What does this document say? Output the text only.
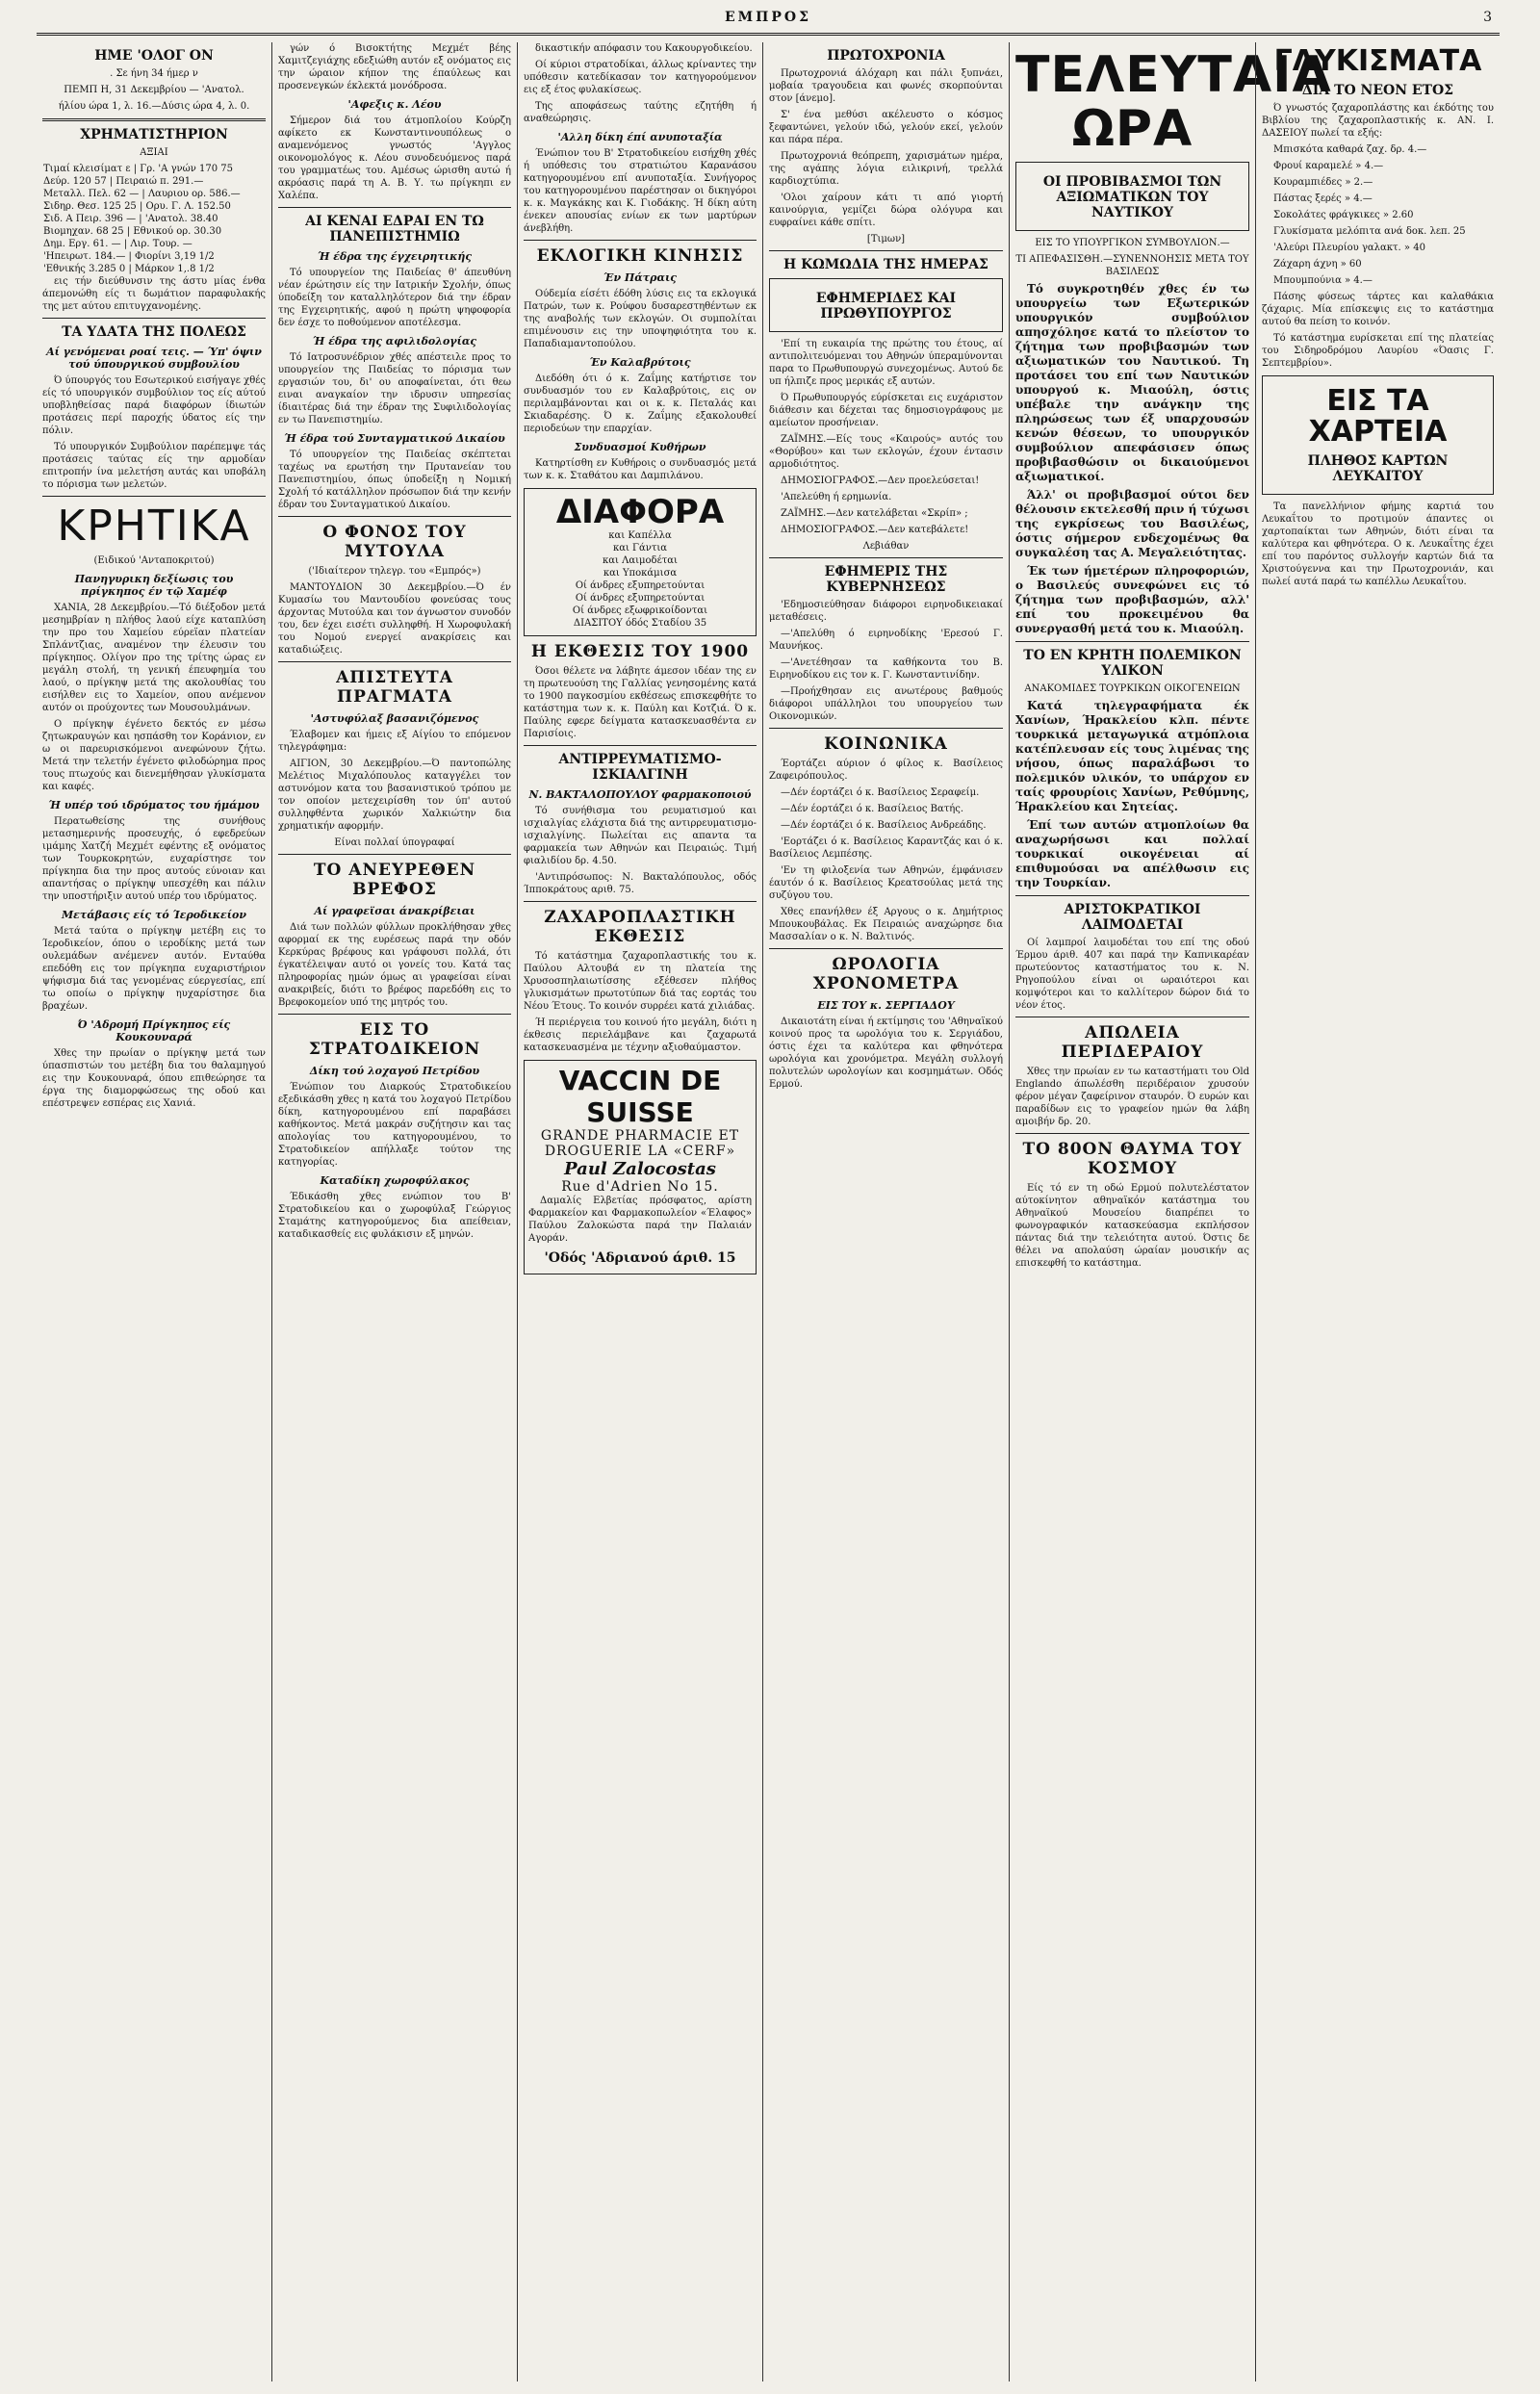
ΕΜΠΡΟΣ	3
ΗΜΕ 'ΟΛΟΓ ΟΝ

. Σε ήνη 34 ήμερ ν

ΠΕΜΠ Η, 31 Δεκεμβρίου — 'Ανατολ.

ήλίου ώρα 1, λ. 16.—Δύσις ώρα 4, λ. 0.

ΧΡΗΜΑΤΙΣΤΗΡΙΟΝ

ΑΞΙΑΙ

Τιμαί κλεισίματ ε | Γρ. 'Α γνών 170 75
Δεύρ. 120 57 | Πειραιώ π. 291.—
Μεταλλ. Πελ. 62 — | Λαυριου ορ. 586.—
Σιδηρ. Θεσ. 125 25 | Ορυ. Γ. Λ. 152.50
Σιδ. Α Πειρ. 396 — | 'Ανατολ. 38.40
Βιομηχαν. 68 25 | Εθνικού ορ. 30.30
Δημ. Εργ. 61. — | Λιρ. Τουρ. —
'Ηπειρωτ. 184.— | Φιορίνι 3,19 1/2
'Εθνικής 3.285 0 | Μάρκον 1,.8 1/2

εις τήν διεύθυνσιν της άστυ μίας ένθα άπεμονώθη είς τι δωμάτιον παραφυλακής της μετ αύτου επιτυγχανομένης.

ΤΑ ΥΔΑΤΑ ΤΗΣ ΠΟΛΕΩΣ
Αί γενόμεναι ροαί τεις. — Ύπ' όψιν τού ύπουργικού συμβουλίου

Ό ύπουργός του Εσωτερικού εισήγαγε χθές είς τό υπουργικόν συμβούλιον τος είς αύτού υποβληθείσας παρά διαφόρων ίδιωτών προτάσεις περί παροχής ύδατος είς την πόλιν.

Τό υπουργικόν Συμβούλιον παρέπεμψε τάς προτάσεις ταύτας είς την αρμοδίαν επιτροπήν ίνα μελετήση αυτάς και υποβάλη το πόρισμα των μελετών.

ΚΡΗΤΙΚΑ

(Ειδικού 'Ανταποκριτού)

Πανηγυρικη δεξίωσις του πρίγκηπος έν τῷ Χαμέφ

ΧΑΝΙΑ, 28 Δεκεμβρίου.—Τό διέξοδον μετά μεσημβρίαν η πλήθος λαού είχε καταπλύση την προ του Χαμείου εύρεϊαν πλατείαν Σπλάντζιας, αναμένον την έλευσιν του πρίγκηπος. Ολίγον προ της τρίτης ώρας εν μεγάλη στολή, τη γενική έπευφημία του λαού, ο πρίγκηψ μετά της ακολουθίας του εισήλθεν εις το Χαμείον, οπου ανέμενον αυτόν οι προύχοντες των Μουσουλμάνων.

Ο πρίγκηψ έγένετο δεκτός εν μέσω ζητωκραυγών και ησπάσθη τον Κοράνιον, εν ω οι παρευρισκόμενοι ανεφώνουν ζήτω. Μετά την τελετήν έγένετο φιλοδώρημα προς τους πτωχούς και διενεμήθησαν γλυκίσματα και καφές.

Ή υπέρ τού ιδρύματος του ήμάμου

Περατωθείσης της συνήθους μετασημερινής προσευχής, ό εφεδρεύων ιμάμης Χατζή Μεχμέτ εφέντης εξ ονόματος των Τουρκοκρητών, ευχαρίστησε τον πρίγκηπα δια την προς αυτούς εύνοιαν και απαντήσας ο πρίγκηψ υπεσχέθη και πάλιν την υποστήριξιν αυτού υπέρ του ιδρύματος.

Μετάβασις είς τό Ίεροδικείον

Μετά ταύτα ο πρίγκηψ μετέβη εις το Ίεροδικείον, όπου ο ιεροδίκης μετά των ουλεμάδων ανέμενεν αυτόν. Ενταύθα επεδόθη εις τον πρίγκηπα ευχαριστήριον ψήφισμα διά τας γενομένας εύεργεσίας, επί τω οποίω ο πρίγκηψ ηυχαρίστησε δια βραχέων.

Ό 'Αδρομή Πρίγκηπος είς Κουκουναρά

Χθες την πρωίαν ο πρίγκηψ μετά των ύπασπιστών του μετέβη δια του θαλαμηγού εις την Κουκουναρά, όπου επιθεώρησε τα έργα της διαμορφώσεως της οδού και επέστρεψεν εσπέρας εις Χανιά.

γών ό Βισοκτήτης Μεχμέτ βέης Χαμιτζεγιάχης εδεξιώθη αυτόν εξ ονόματος εις την ώραιον κήπον της έπαύλεως και προσενεγκών έκλεκτά μονόδροσα.

'Αφεξις κ. Λέου

Σήμερον διά του άτμοπλοίου Κούρζη αφίκετο εκ Κωνσταντινουπόλεως ο αναμενόμενος γνωστός 'Αγγλος οικονομολόγος κ. Λέου συνοδευόμενος παρά του γραμματέως του. Αμέσως ώρισθη αυτώ ή ακρόασις παρά τη Α. Β. Υ. τω πρίγκηπι εν Χαλέπα.

ΑΙ ΚΕΝΑΙ ΕΔΡΑΙ ΕΝ ΤΩ ΠΑΝΕΠΙΣΤΗΜΙΩ
Ή έδρα της έγχειρητικής

Τό υπουργείον της Παιδείας θ' άπευθύνη νέαν έρώτησιν είς την Ιατρικήν Σχολήν, όπως ύποδείξη τον καταλληλότερον διά την έδραν της Εγχειρητικής, αφού η πρώτη ψηφοφορία δεν έσχε το ποθούμενον αποτέλεσμα.

Ή έδρα της αφιλιδολογίας

Τό Ιατροσυνέδριον χθές απέστειλε προς το υπουργείον της Παιδείας το πόρισμα των εργασιών του, δι' ου αποφαίνεται, ότι θεω ειναι αναγκαίον την ιδρυσιν υπηρεσίας ίδιαιτέρας διά την έδραν της Συφιλιδολογίας εν τω Πανεπιστημίω.

Ή έδρα τού Συνταγματικού Δικαίου

Τό υπουργείον της Παιδείας σκέπτεται ταχέως να ερωτήση την Πρυτανείαν του Πανεπιστημίου, όπως ύποδείξη η Νομική Σχολή τό κατάλληλον πρόσωπον διά την κενήν έδραν του Συνταγματικού Δικαίου.

Ο ΦΟΝΟΣ ΤΟΥ ΜΥΤΟΥΛΑ

('Ιδιαίτερον τηλεγρ. του «Εμπρός»)

ΜΑΝΤΟΥΔΙΟΝ 30 Δεκεμβρίου.—Ό έν Κυμασίω του Μαντουδίου φονεύσας τους άρχοντας Μυτούλα και τον άγνωστον συνοδόν του, δεν έχει εισέτι συλληφθή. Η Χωροφυλακή του Νομού ενεργεί ανακρίσεις και καταδιώξεις.

ΑΠΙΣΤΕΥΤΑ ΠΡΑΓΜΑΤΑ
'Αστυφύλαξ βασανιζόμενος

Έλαβομεν και ήμεις εξ Αίγίου το επόμενον τηλεγράφημα:

ΑΙΓΙΟΝ, 30 Δεκεμβρίου.—Ό παντοπώλης Μελέτιος Μιχαλόπουλος καταγγέλει τον αστυνόμον κατα του βασανιστικού τρόπου με τον οποίον μετεχειρίσθη τον ύπ' αυτού συλληφθέντα χωρικόν Χαλκιώτην δια χρηματικήν αφορμήν.

Είναι πολλαί ύπογραφαί

ΤΟ ΑΝΕΥΡΕΘΕΝ ΒΡΕΦΟΣ
Αί γραφεϊσαι άνακρίβειαι

Διά των πολλών φύλλων προκλήθησαν χθες αφορμαί εκ της ευρέσεως παρά την οδόν Κερκύρας βρέφους και γράφουσι πολλά, ότι έγκατέλειψαν αυτό οι γονείς του. Κατά τας πληροφορίας ημών όμως αι γραφείσαι είναι ανακριβείς, διότι το βρέφος παρεδόθη εις το Βρεφοκομείον υπό της μητρός του.

ΕΙΣ ΤΟ ΣΤΡΑΤΟΔΙΚΕΙΟΝ
Δίκη τού λοχαγού Πετρίδου

Ένώπιον του Διαρκούς Στρατοδικείου εξεδικάσθη χθες η κατά του λοχαγού Πετρίδου δίκη, κατηγορουμένου επί παραβάσει καθήκοντος. Μετά μακράν συζήτησιν και τας απολογίας του κατηγορουμένου, το Στρατοδικείον απήλλαξε τούτον της κατηγορίας.

Καταδίκη χωροφύλακος

Έδικάσθη χθες ενώπιον του Β' Στρατοδικείου και ο χωροφύλαξ Γεώργιος Σταμάτης κατηγορούμενος δια απείθειαν, καταδικασθείς εις φυλάκισιν εξ μηνών.

δικαστικήν απόφασιν του Κακουργοδικείου.

Οί κύριοι στρατοδίκαι, άλλως κρίναντες την υπόθεσιν κατεδίκασαν τον κατηγορούμενον εις εξ έτος φυλακίσεως.

Της αποφάσεως ταύτης εζητήθη ή αναθεώρησις.

'Αλλη δίκη έπί ανυποταξία

Ένώπιον του Β' Στρατοδικείου εισήχθη χθές ή υπόθεσις του στρατιώτου Καρανάσου κατηγορουμένου επί ανυποταξία. Συνήγορος του κατηγορουμένου παρέστησαν οι δικηγόροι κ. κ. Μαγκάκης και Κ. Γιοδάκης. Ή δίκη αύτη ένεκεν απουσίας ενίων εκ των μαρτύρων άνεβλήθη.

ΕΚΛΟΓΙΚΗ ΚΙΝΗΣΙΣ
Έν Πάτραις

Ούδεμία είσέτι έδόθη λύσις εις τα εκλογικά Πατρών, των κ. Ρούφου δυσαρεστηθέντων εκ της αναβολής των εκλογών. Οι συμπολίται επιμένουσιν εις την υποψηφιότητα του κ. Παπαδιαμαντοπούλου.

Έν Καλαβρύτοις

Διεδόθη ότι ό κ. Ζαΐμης κατήρτισε τον συνδυασμόν του εν Καλαβρύτοις, εις ον περιλαμβάνονται και οι κ. κ. Πεταλάς και Σκιαδαρέσης. Ό κ. Ζαΐμης εξακολουθεί περιοδεύων την επαρχίαν.

Συνδυασμοί Κυθήρων

Κατηρτίσθη εν Κυθήροις ο συνδυασμός μετά των κ. κ. Σταθάτου και Δαμπιλάνου.

ΔΙΑΦΟΡΑ

και Καπέλλα

και Γάντια

και Λαιμοδέται

και Υποκάμισα

Οί άνδρες εξυπηρετούνται

Οί άνδρες εξυπηρετούνται

Οί άνδρες εξωφρικοίδονται

ΔΙΑΣΙΤΟΥ όδός Σταδίου 35

Η ΕΚΘΕΣΙΣ ΤΟΥ 1900

Όσοι θέλετε να λάβητε άμεσον ιδέαν της εν τη πρωτευούση της Γαλλίας γενησομένης κατά το 1900 παγκοσμίου εκθέσεως επισκεφθήτε το κατάστημα των κ. κ. Παύλη και Κοτζιά. Ό κ. Παύλης εφερε δείγματα κατασκευασθέντα εν Παρισίοις.

ΑΝΤΙΡΡΕΥΜΑΤΙΣΜΟ-ΙΣΚΙΑΛΓΙΝΗ
Ν. ΒΑΚΤΑΛΟΠΟΥΛΟΥ φαρμακοποιού

Τό συνήθισμα του ρευματισμού και ισχιαλγίας ελάχιστα διά της αντιρρευματισμο-ισχιαλγίνης. Πωλείται εις απαντα τα φαρμακεία των Αθηνών και Πειραιώς. Τιμή φιαλιδίου δρ. 4.50.

'Αντιπρόσωπος: Ν. Βακταλόπουλος, οδός Ίπποκράτους αριθ. 75.

ΖΑΧΑΡΟΠΛΑΣΤΙΚΗ ΕΚΘΕΣΙΣ

Τό κατάστημα ζαχαροπλαστικής του κ. Παύλου Αλτουβά εν τη πλατεία της Χρυσοσπηλαιωτίσσης εξέθεσεν πλήθος γλυκισμάτων πρωτοτύπων διά τας εορτάς του Νέου Έτους. Το κοινόν συρρέει κατά χιλιάδας.

Ή περιέργεια του κοινού ήτο μεγάλη, διότι η έκθεσις περιελάμβανε και ζαχαρωτά κατασκευασμένα με τέχνην αξιοθαύμαστον.

VACCIN DE SUISSE
GRANDE PHARMACIE ET DROGUERIE LA «CERF»
Paul Zalocostas
Rue d'Adrien No 15.

Δαμαλίς Ελβετίας πρόσφατος, αρίστη Φαρμακείον και Φαρμακοπωλείον «Έλαφος» Παύλου Ζαλοκώστα παρά την Παλαιάν Αγοράν.

'Οδός 'Αδριανού άριθ. 15
ΠΡΩΤΟΧΡΟΝΙΑ

Πρωτοχρονιά άλόχαρη και πάλι ξυπνάει, μοβαία τραγουδεια και φωνές σκορπούνται στον [άνεμο].

Σ' ένα μεθύσι ακέλευστο ο κόσμος ξεφαντώνει, γελούν ιδώ, γελούν εκεί, γελούν και πάρα πέρα.

Πρωτοχρονιά θεόπρεπη, χαρισμάτων ημέρα, της αγάπης λόγια ειλικρινή, τρελλά καρδιοχτύπια.

'Ολοι χαίρουν κάτι τι από γιορτή καινούργια, γεμίζει δώρα ολόγυρα και ευφραίνει κάθε σπίτι.

[Τιμων]

Η ΚΩΜΩΔΙΑ ΤΗΣ ΗΜΕΡΑΣ
ΕΦΗΜΕΡΙΔΕΣ ΚΑΙ ΠΡΩΘΥΠΟΥΡΓΟΣ

'Επί τη ευκαιρία της πρώτης του έτους, αί αντιπολιτευόμεναι του Αθηνών ύπεραμύνονται παρα το Πρωθυπουργώ συνεχομένως. Αυτού δε υπ ήλπιζε προς μερικάς εξ αυτών.

Ό Πρωθυπουργός εύρίσκεται εις ευχάριστον διάθεσιν και δέχεται τας δημοσιογράφους με αμείωτον προσήνειαν.

ΖΑΪΜΗΣ.—Είς τους «Καιρούς» αυτός του «Θορύβου» και των εκλογών, έχουν έντασιν αρμοδιότητος.

ΔΗΜΟΣΙΟΓΡΑΦΟΣ.—Δεν προελεύσεται!

'Απελεύθη ή ερημωνία.

ΖΑΪΜΗΣ.—Δεν κατελάβεται «Σκρίπ» ;

ΔΗΜΟΣΙΟΓΡΑΦΟΣ.—Δεν κατεβάλετε!

Λεβιάθαν

ΕΦΗΜΕΡΙΣ ΤΗΣ ΚΥΒΕΡΝΗΣΕΩΣ

'Εδημοσιεύθησαν διάφοροι ειρηνοδικειακαί μεταθέσεις.

—'Απελύθη ό ειρηνοδίκης 'Ερεσού Γ. Μαυνήκος.

—'Ανετέθησαν τα καθήκοντα του Β. Ειρηνοδίκου εις τον κ. Γ. Κωνσταντινίδην.

—Προήχθησαν εις ανωτέρους βαθμούς διάφοροι υπάλληλοι του υπουργείου των Οικονομικών.

ΚΟΙΝΩΝΙΚΑ

Έορτάζει αύριον ό φίλος κ. Βασίλειος Ζαφειρόπουλος.

—Δέν έορτάζει ό κ. Βασίλειος Σεραφείμ.

—Δέν έορτάζει ό κ. Βασίλειος Βατής.

—Δέν έορτάζει ό κ. Βασίλειος Ανδρεάδης.

'Εορτάζει ό κ. Βασίλειος Καραντζάς και ό κ. Βασίλειος Λεμπέσης.

'Εν τη φιλοξενία των Αθηνών, έμφάνισεν έαυτόν ό κ. Βασίλειος Κρεατσούλας μετά της συζύγου του.

Χθες επανήλθεν έξ Αργους ο κ. Δημήτριος Μπουκουβάλας. Εκ Πειραιώς αναχώρησε δια Μασσαλίαν ο κ. Ν. Βαλτινός.

ΩΡΟΛΟΓΙΑ ΧΡΟΝΟΜΕΤΡΑ
ΕΙΣ ΤΟΥ κ. ΣΕΡΓΙΑΔΟΥ

Δικαιοτάτη είναι ή εκτίμησις του 'Αθηναϊκού κοινού προς τα ωρολόγια του κ. Σεργιάδου, όστις έχει τα καλύτερα και φθηνότερα ωρολόγια και χρονόμετρα. Μεγάλη συλλογή πολυτελών ωρολογίων και κοσμημάτων. Οδός Ερμού.

ΤΕΛΕΥΤΑΙΑ ΩΡΑ
ΟΙ ΠΡΟΒΙΒΑΣΜΟΙ ΤΩΝ ΑΞΙΩΜΑΤΙΚΩΝ ΤΟΥ ΝΑΥΤΙΚΟΥ

ΕΙΣ ΤΟ ΥΠΟΥΡΓΙΚΟΝ ΣΥΜΒΟΥΛΙΟΝ.—

ΤΙ ΑΠΕΦΑΣΙΣΘΗ.—ΣΥΝΕΝΝΟΗΣΙΣ ΜΕΤΑ ΤΟΥ ΒΑΣΙΛΕΩΣ

Τό συγκροτηθέν χθες έν τω υπουργείω των Εξωτερικών υπουργικόν συμβούλιον απησχόλησε κατά το πλείστον το ζήτημα των προβιβασμών των αξιωματικών του Ναυτικού. Τη προτάσει του επί των Ναυτικών υπουργού κ. Μιαούλη, όστις υπέβαλε την ανάγκην της πληρώσεως των έξ υπαρχουσών κενών θέσεων, το υπουργικόν συμβούλιον απεφάσισεν όπως προβιβασθώσιν οι δικαιούμενοι αξιωματικοί.

Άλλ' οι προβιβασμοί ούτοι δεν θέλουσιν εκτελεσθή πριν ή τύχωσι της εγκρίσεως του Βασιλέως, όστις σήμερον ενδεχομένως θα συγκαλέση τας Α. Μεγαλειότητας.

Έκ των ήμετέρων πληροφοριών, ο Βασιλεύς συνεφώνει εις τό ζήτημα των προβιβασμών, αλλ' επί του προκειμένου θα συνεργασθή μετά του κ. Μιαούλη.

ΤΟ ΕΝ ΚΡΗΤΗ ΠΟΛΕΜΙΚΟΝ ΥΛΙΚΟΝ

ΑΝΑΚΟΜΙΔΕΣ ΤΟΥΡΚΙΚΩΝ ΟΙΚΟΓΕΝΕΙΩΝ

Κατά τηλεγραφήματα έκ Χανίων, Ήρακλείου κλπ. πέντε τουρκικά μεταγωγικά ατμόπλοια κατέπλευσαν είς τους λιμένας της νήσου, όπως παραλάβωσι το πολεμικόν υλικόν, το υπάρχον εν ταίς φρουρίοις Χανίων, Ρεθύμνης, Ήρακλείου και Σητείας.

Έπί των αυτών ατμοπλοίων θα αναχωρήσωσι και πολλαί τουρκικαί οικογένειαι αί επιθυμούσαι να απέλθωσιν εις την Τουρκίαν.

ΑΡΙΣΤΟΚΡΑΤΙΚΟΙ ΛΑΙΜΟΔΕΤΑΙ

Οί λαμπροί λαιμοδέται του επί της οδού Έρμου άριθ. 407 και παρά την Καπνικαρέαν πρωτεύοντος καταστήματος του κ. Ν. Ρηγοπούλου είναι οι ωραιότεροι και κομψότεροι και το καλλίτερον δώρον διά το νέον έτος.

ΑΠΩΛΕΙΑ ΠΕΡΙΔΕΡΑΙΟΥ

Χθες την πρωίαν εν τω καταστήματι του Old Englando άπωλέσθη περιδέραιον χρυσούν φέρον μέγαν ζαφείρινον σταυρόν. Ό ευρών και παραδίδων εις το γραφείον ημών θα λάβη αμοιβήν δρ. 20.

ΤΟ 80ΟΝ ΘΑΥΜΑ ΤΟΥ ΚΟΣΜΟΥ

Είς τό εν τη οδώ Ερμού πολυτελέστατον αύτοκίνητον αθηναϊκόν κατάστημα του Αθηναϊκού Μουσείου διαπρέπει το φωνογραφικόν κατασκεύασμα εκπλήσσον πάντας διά την τελειότητα αυτού. Όστις δε θέλει να απολαύση ώραίαν μουσικήν ας επισκεφθή το κατάστημα.

ΓΛΥΚΙΣΜΑΤΑ
ΔΙΑ ΤΟ ΝΕΟΝ ΕΤΟΣ

Ό γνωστός ζαχαροπλάστης και έκδότης του Βιβλίου της ζαχαροπλαστικής κ. ΑΝ. Ι. ΔΑΣΕΙΟΥ πωλεί τα εξής:

Μπισκότα καθαρά ζαχ. δρ. 4.—

Φρουί καραμελέ » 4.—

Κουραμπιέδες » 2.—

Πάστας ξερές » 4.—

Σοκολάτες φράγκικες » 2.60

Γλυκίσματα μελόπιτα ανά δοκ. λεπ. 25

'Αλεύρι Πλευρίου γαλακτ. » 40

Ζάχαρη άχνη » 60

Μπουμπούνια » 4.—

Πάσης φύσεως τάρτες και καλαθάκια ζάχαρις. Μία επίσκεψις εις το κατάστημα αυτού θα πείση το κοινόν.

Τό κατάστημα ευρίσκεται επί της πλατείας του Σιδηροδρόμου Λαυρίου «Όασις Γ. Σεπτεμβρίου».

ΕΙΣ ΤΑ ΧΑΡΤΕΙΑ
ΠΛΗΘΟΣ ΚΑΡΤΩΝ ΛΕΥΚΑΙΤΟΥ

Τα πανελλήνιον φήμης καρτιά του Λευκαΐτου το προτιμούν άπαντες οι χαρτοπαίκται των Αθηνών, διότι είναι τα καλύτερα και φθηνότερα. Ο κ. Λευκαΐτης έχει επί του παρόντος συλλογήν καρτών διά τα Χριστούγεννα και την Πρωτοχρονιάν, και πωλεί αυτά παρά τω καπέλλω Λευκαΐτου.
